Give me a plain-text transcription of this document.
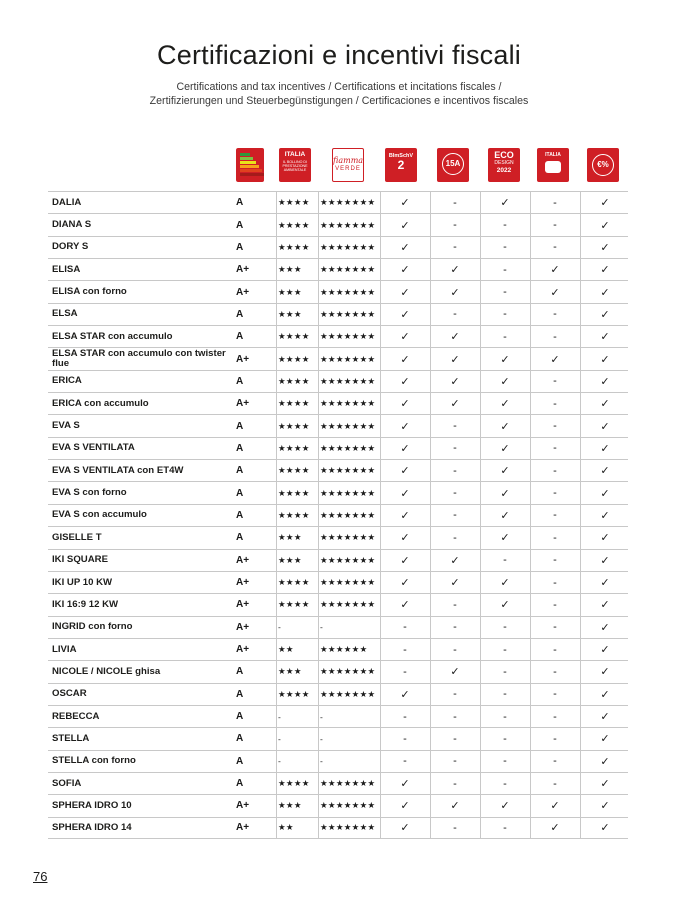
Certificazioni e incentivi fiscali
Certifications and tax incentives / Certifications et incitations fiscales /
Zertifizierungen und Steuerbegünstigungen / Certificaciones e incentivos fiscales
ITALIA
IL BOLLINO DI
PRESTAZIONE
AMBIENTALE
fiamma
VERDE
BImSchV
2	15A
ECO
DESIGN
2022
ITALIA
€%
DALIA	A	★★★★	★★★★★★★	✓	-	✓	-	✓
DIANA S	A	★★★★	★★★★★★★	✓	-	-	-	✓
DORY S	A	★★★★	★★★★★★★	✓	-	-	-	✓
ELISA	A+	★★★	★★★★★★★	✓	✓	-	✓	✓
ELISA con forno	A+	★★★	★★★★★★★	✓	✓	-	✓	✓
ELSA	A	★★★	★★★★★★★	✓	-	-	-	✓
ELSA STAR con accumulo	A	★★★★	★★★★★★★	✓	✓	-	-	✓
ELSA STAR con accumulo con twister flue	A+	★★★★	★★★★★★★	✓	✓	✓	✓	✓
ERICA	A	★★★★	★★★★★★★	✓	✓	✓	-	✓
ERICA con accumulo	A+	★★★★	★★★★★★★	✓	✓	✓	-	✓
EVA S	A	★★★★	★★★★★★★	✓	-	✓	-	✓
EVA S VENTILATA	A	★★★★	★★★★★★★	✓	-	✓	-	✓
EVA S VENTILATA con ET4W	A	★★★★	★★★★★★★	✓	-	✓	-	✓
EVA S con forno	A	★★★★	★★★★★★★	✓	-	✓	-	✓
EVA S con accumulo	A	★★★★	★★★★★★★	✓	-	✓	-	✓
GISELLE T	A	★★★	★★★★★★★	✓	-	✓	-	✓
IKI SQUARE	A+	★★★	★★★★★★★	✓	✓	-	-	✓
IKI UP 10 KW	A+	★★★★	★★★★★★★	✓	✓	✓	-	✓
IKI 16:9 12 KW	A+	★★★★	★★★★★★★	✓	-	✓	-	✓
INGRID con forno	A+	-	-	-	-	-	-	✓
LIVIA	A+	★★	★★★★★★	-	-	-	-	✓
NICOLE / NICOLE ghisa	A	★★★	★★★★★★★	-	✓	-	-	✓
OSCAR	A	★★★★	★★★★★★★	✓	-	-	-	✓
REBECCA	A	-	-	-	-	-	-	✓
STELLA	A	-	-	-	-	-	-	✓
STELLA con forno	A	-	-	-	-	-	-	✓
SOFIA	A	★★★★	★★★★★★★	✓	-	-	-	✓
SPHERA IDRO 10	A+	★★★	★★★★★★★	✓	✓	✓	✓	✓
SPHERA IDRO 14	A+	★★	★★★★★★★	✓	-	-	✓	✓
76
